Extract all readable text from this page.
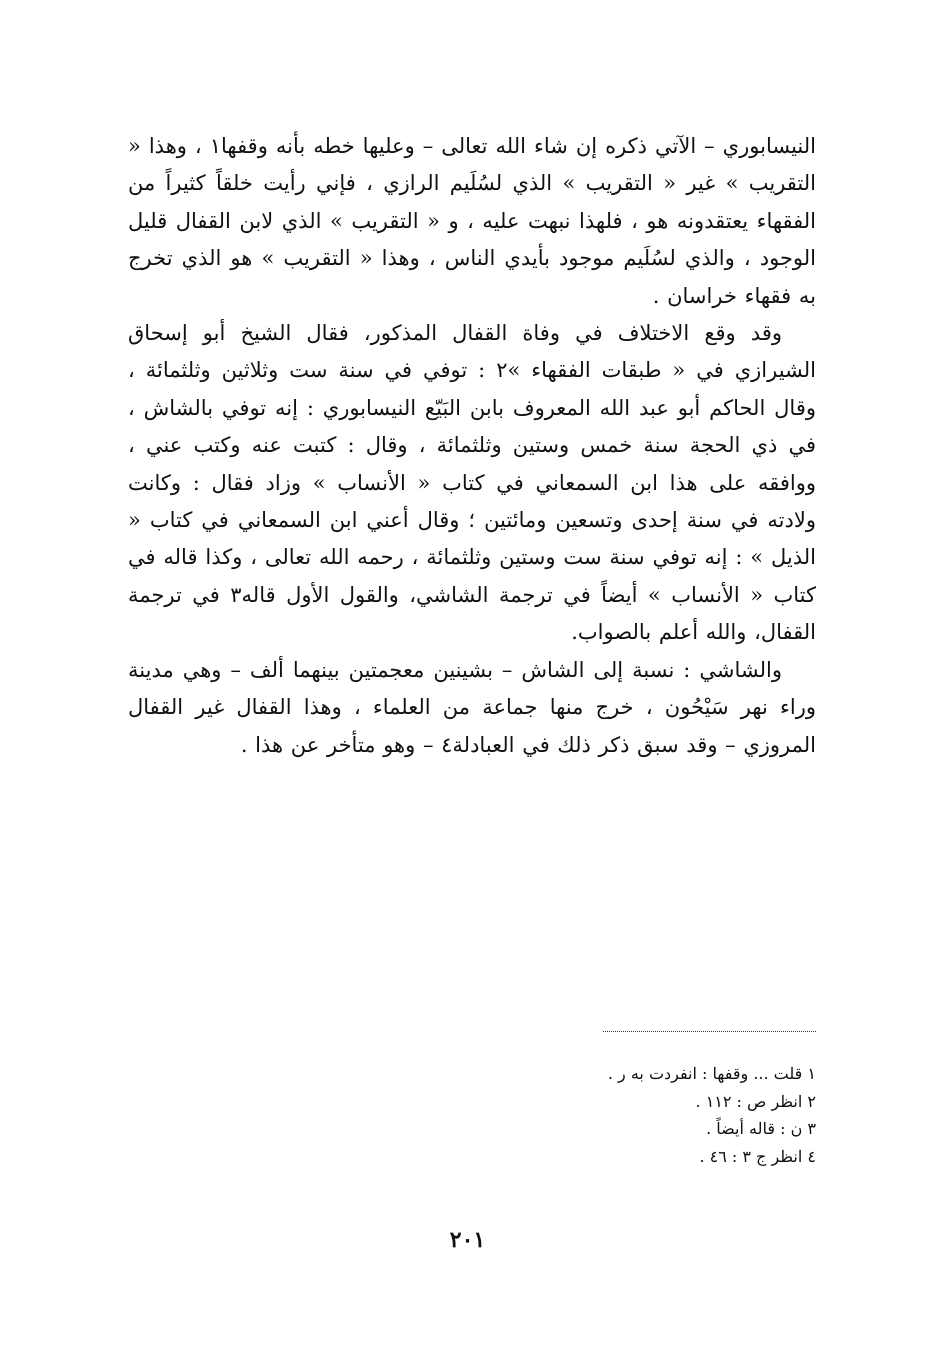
النيسابوري – الآتي ذكره إن شاء الله تعالى – وعليها خطه بأنه وقفها١ ، وهذا « التقريب » غير « التقريب » الذي لسُلَيم الرازي ، فإني رأيت خلقاً كثيراً من الفقهاء يعتقدونه هو ، فلهذا نبهت عليه ، و « التقريب » الذي لابن القفال قليل الوجود ، والذي لسُلَيم موجود بأيدي الناس ، وهذا « التقريب » هو الذي تخرج به فقهاء خراسان .

وقد وقع الاختلاف في وفاة القفال المذكور، فقال الشيخ أبو إسحاق الشيرازي في « طبقات الفقهاء »٢ : توفي في سنة ست وثلاثين وثلثمائة ، وقال الحاكم أبو عبد الله المعروف بابن البَيّع النيسابوري : إنه توفي بالشاش ، في ذي الحجة سنة خمس وستين وثلثمائة ، وقال : كتبت عنه وكتب عني ، ووافقه على هذا ابن السمعاني في كتاب « الأنساب » وزاد فقال : وكانت ولادته في سنة إحدى وتسعين ومائتين ؛ وقال أعني ابن السمعاني في كتاب « الذيل » : إنه توفي سنة ست وستين وثلثمائة ، رحمه الله تعالى ، وكذا قاله في كتاب « الأنساب » أيضاً في ترجمة الشاشي، والقول الأول قاله٣ في ترجمة القفال، والله أعلم بالصواب.

والشاشي : نسبة إلى الشاش – بشينين معجمتين بينهما ألف – وهي مدينة وراء نهر سَيْحُون ، خرج منها جماعة من العلماء ، وهذا القفال غير القفال المروزي – وقد سبق ذكر ذلك في العبادلة٤ – وهو متأخر عن هذا .

١ قلت ... وقفها : انفردت به ر .

٢ انظر ص : ١١٢ .

٣ ن : قاله أيضاً .

٤ انظر ج ٣ : ٤٦ .

٢٠١
